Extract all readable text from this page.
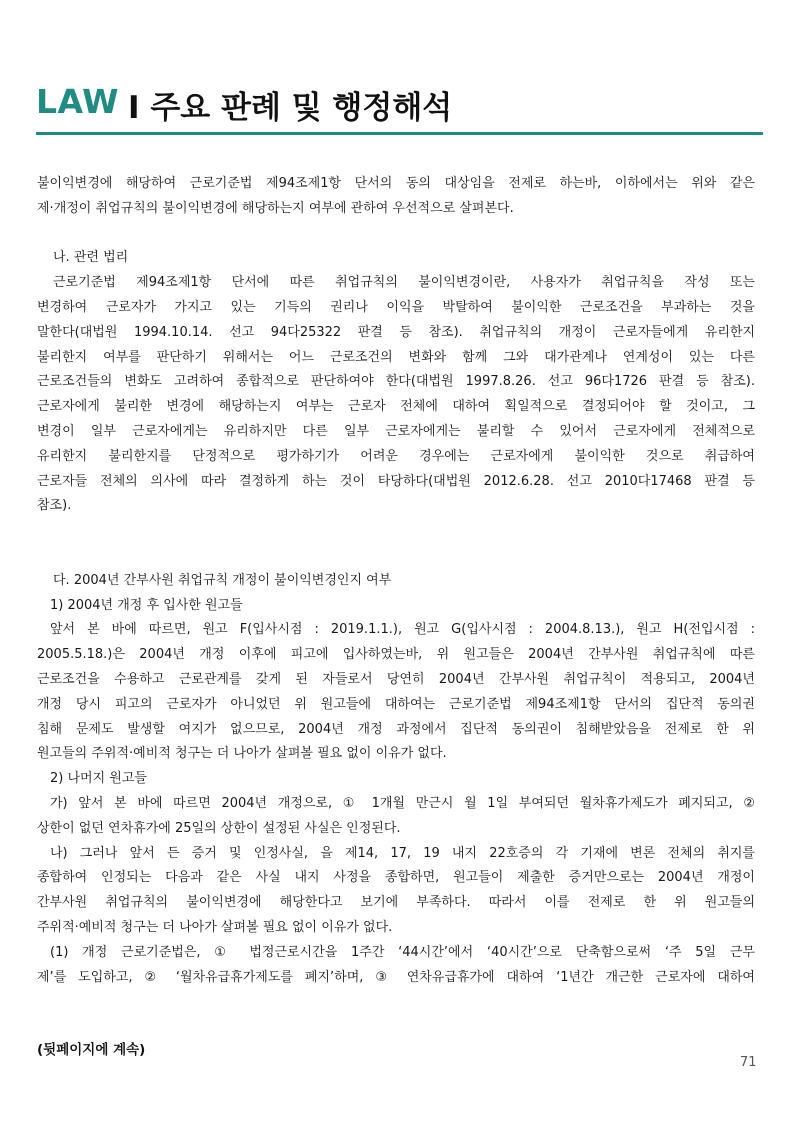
LAW I 주요 판례 및 행정해석
불이익변경에 해당하여 근로기준법 제94조제1항 단서의 동의 대상임을 전제로 하는바, 이하에서는 위와 같은
제·개정이 취업규칙의 불이익변경에 해당하는지 여부에 관하여 우선적으로 살펴본다.
나. 관련 법리
근로기준법 제94조제1항 단서에 따른 취업규칙의 불이익변경이란, 사용자가 취업규칙을 작성 또는
변경하여 근로자가 가지고 있는 기득의 권리나 이익을 박탈하여 불이익한 근로조건을 부과하는 것을
말한다(대법원 1994.10.14. 선고 94다25322 판결 등 참조). 취업규칙의 개정이 근로자들에게 유리한지
불리한지 여부를 판단하기 위해서는 어느 근로조건의 변화와 함께 그와 대가관계나 연계성이 있는 다른
근로조건들의 변화도 고려하여 종합적으로 판단하여야 한다(대법원 1997.8.26. 선고 96다1726 판결 등 참조).
근로자에게 불리한 변경에 해당하는지 여부는 근로자 전체에 대하여 획일적으로 결정되어야 할 것이고, 그
변경이 일부 근로자에게는 유리하지만 다른 일부 근로자에게는 불리할 수 있어서 근로자에게 전체적으로
유리한지 불리한지를 단정적으로 평가하기가 어려운 경우에는 근로자에게 불이익한 것으로 취급하여
근로자들 전체의 의사에 따라 결정하게 하는 것이 타당하다(대법원 2012.6.28. 선고 2010다17468 판결 등
참조).
다. 2004년 간부사원 취업규칙 개정이 불이익변경인지 여부
1) 2004년 개정 후 입사한 원고들
앞서 본 바에 따르면, 원고 F(입사시점 : 2019.1.1.), 원고 G(입사시점 : 2004.8.13.), 원고 H(전입시점 :
2005.5.18.)은 2004년 개정 이후에 피고에 입사하였는바, 위 원고들은 2004년 간부사원 취업규칙에 따른
근로조건을 수용하고 근로관계를 갖게 된 자들로서 당연히 2004년 간부사원 취업규칙이 적용되고, 2004년
개정 당시 피고의 근로자가 아니었던 위 원고들에 대하여는 근로기준법 제94조제1항 단서의 집단적 동의권
침해 문제도 발생할 여지가 없으므로, 2004년 개정 과정에서 집단적 동의권이 침해받았음을 전제로 한 위
원고들의 주위적·예비적 청구는 더 나아가 살펴볼 필요 없이 이유가 없다.
2) 나머지 원고들
가) 앞서 본 바에 따르면 2004년 개정으로, ① 1개월 만근시 월 1일 부여되던 월차휴가제도가 폐지되고, ②
상한이 없던 연차휴가에 25일의 상한이 설정된 사실은 인정된다.
나) 그러나 앞서 든 증거 및 인정사실, 을 제14, 17, 19 내지 22호증의 각 기재에 변론 전체의 취지를
종합하여 인정되는 다음과 같은 사실 내지 사정을 종합하면, 원고들이 제출한 증거만으로는 2004년 개정이
간부사원 취업규칙의 불이익변경에 해당한다고 보기에 부족하다. 따라서 이를 전제로 한 위 원고들의
주위적·예비적 청구는 더 나아가 살펴볼 필요 없이 이유가 없다.
(1) 개정 근로기준법은, ① 법정근로시간을 1주간 ‘44시간’에서 ‘40시간’으로 단축함으로써 ‘주 5일 근무
제’를 도입하고, ② ‘월차유급휴가제도를 폐지’하며, ③ 연차유급휴가에 대하여 ‘1년간 개근한 근로자에 대하여
(뒷페이지에 계속)
71
